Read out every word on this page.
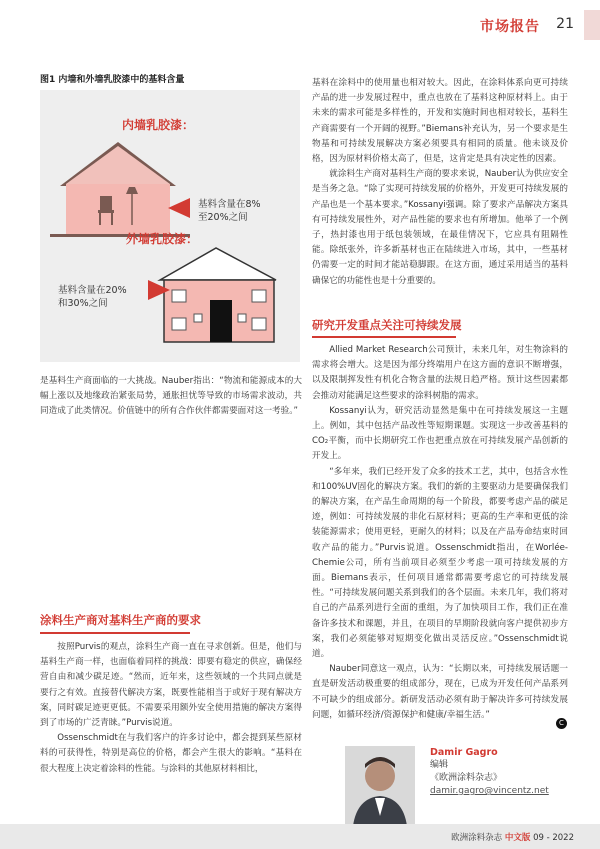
市场报告 21
图1 内墙和外墙乳胶漆中的基料含量
内墙乳胶漆：
基料含量在8%
至20%之间
外墙乳胶漆：
基料含量在20%
和30%之间

是基料生产商面临的一大挑战。Nauber指出：“物流和能源成本的大幅上涨以及地缘政治紧张局势，通胀担忧等导致的市场需求波动，共同造成了此类情况。价值链中的所有合作伙伴都需要面对这一考验。”

涂料生产商对基料生产商的要求

按照Purvis的观点，涂料生产商一直在寻求创新。但是，他们与基料生产商一样，也面临着同样的挑战：即要有稳定的供应，确保经营自由和减少碳足迹。“然而，近年来，这些领域的一个共同点就是要行之有效。直接替代解决方案，既要性能相当于或好于现有解决方案，同时碳足迹更更低。不需要采用额外安全使用措施的解决方案得到了市场的广泛青睐。”Purvis说道。

Ossenschmidt在与我们客户的许多讨论中，都会提到某些原材料的可获得性，特别是高位的价格，都会产生很大的影响。“基料在很大程度上决定着涂料的性能。与涂料的其他原材料相比，

基料在涂料中的使用量也相对较大。因此，在涂料体系向更可持续产品的进一步发展过程中，重点也放在了基料这种原材料上。由于未来的需求可能是多样性的，开发和实施时间也相对较长，基料生产商需要有一个开阔的视野。”Biemans补充认为，另一个要求是生物基和可持续发展解决方案必须要具有相同的质量。他未谈及价格，因为原材料价格太高了，但是，这肯定是具有决定性的因素。

就涂料生产商对基料生产商的要求来说，Nauber认为供应安全是当务之急。“除了实现可持续发展的价格外，开发更可持续发展的产品也是一个基本要求。”Kossanyi强调。除了要求产品解决方案具有可持续发展性外，对产品性能的要求也有所增加。他举了一个例子，热封漆也用于纸包装领域，在最佳情况下，它应具有阻隔性能。除纸张外，许多新基材也正在陆续进入市场，其中，一些基材仍需要一定的时间才能站稳脚跟。在这方面，通过采用适当的基料确保它的功能性也是十分重要的。

研究开发重点关注可持续发展

Allied Market Research公司预计，未来几年，对生物涂料的需求将会增大。这是因为部分终端用户在这方面的意识不断增强，以及限制挥发性有机化合物含量的法规日趋严格。预计这些因素都会推动对能满足这些要求的涂料树脂的需求。

Kossanyi认为，研究活动显然是集中在可持续发展这一主题上。例如，其中包括产品改性等短期课题。实现这一步改善基料的CO₂平衡，而中长期研究工作也把重点放在可持续发展产品创新的开发上。

“多年来，我们已经开发了众多的技术工艺，其中，包括含水性和100%UV固化的解决方案。我们的新的主要驱动力是要确保我们的解决方案，在产品生命周期的每一个阶段，都要考虑产品的碳足迹，例如：可持续发展的非化石原材料；更高的生产率和更低的涂装能源需求；使用更轻，更耐久的材料；以及在产品寿命结束时回收产品的能力。”Purvis说道。Ossenschmidt指出，在Worlée-Chemie公司，所有当前项目必须至少考虑一项可持续发展的方面。Biemans表示，任何项目通常都需要考虑它的可持续发展性。“可持续发展问题关系到我们的各个层面。未来几年，我们将对自己的产品系列进行全面的重组，为了加快项目工作，我们正在准备许多技术和课题，并且，在项目的早期阶段就向客户提供初步方案，我们必须能够对短期变化做出灵活反应。”Ossenschmidt说道。

Nauber同意这一观点，认为：“长期以来，可持续发展话题一直是研发活动极重要的组成部分，现在，已成为开发任何产品系列不可缺少的组成部分。新研发活动必须有助于解决许多可持续发展问题，如循环经济/资源保护和健康/幸福生活。”

C
Damir Gagro
编辑
《欧洲涂料杂志》
damir.gagro@vincentz.net
欧洲涂料杂志 中文版 09 - 2022
